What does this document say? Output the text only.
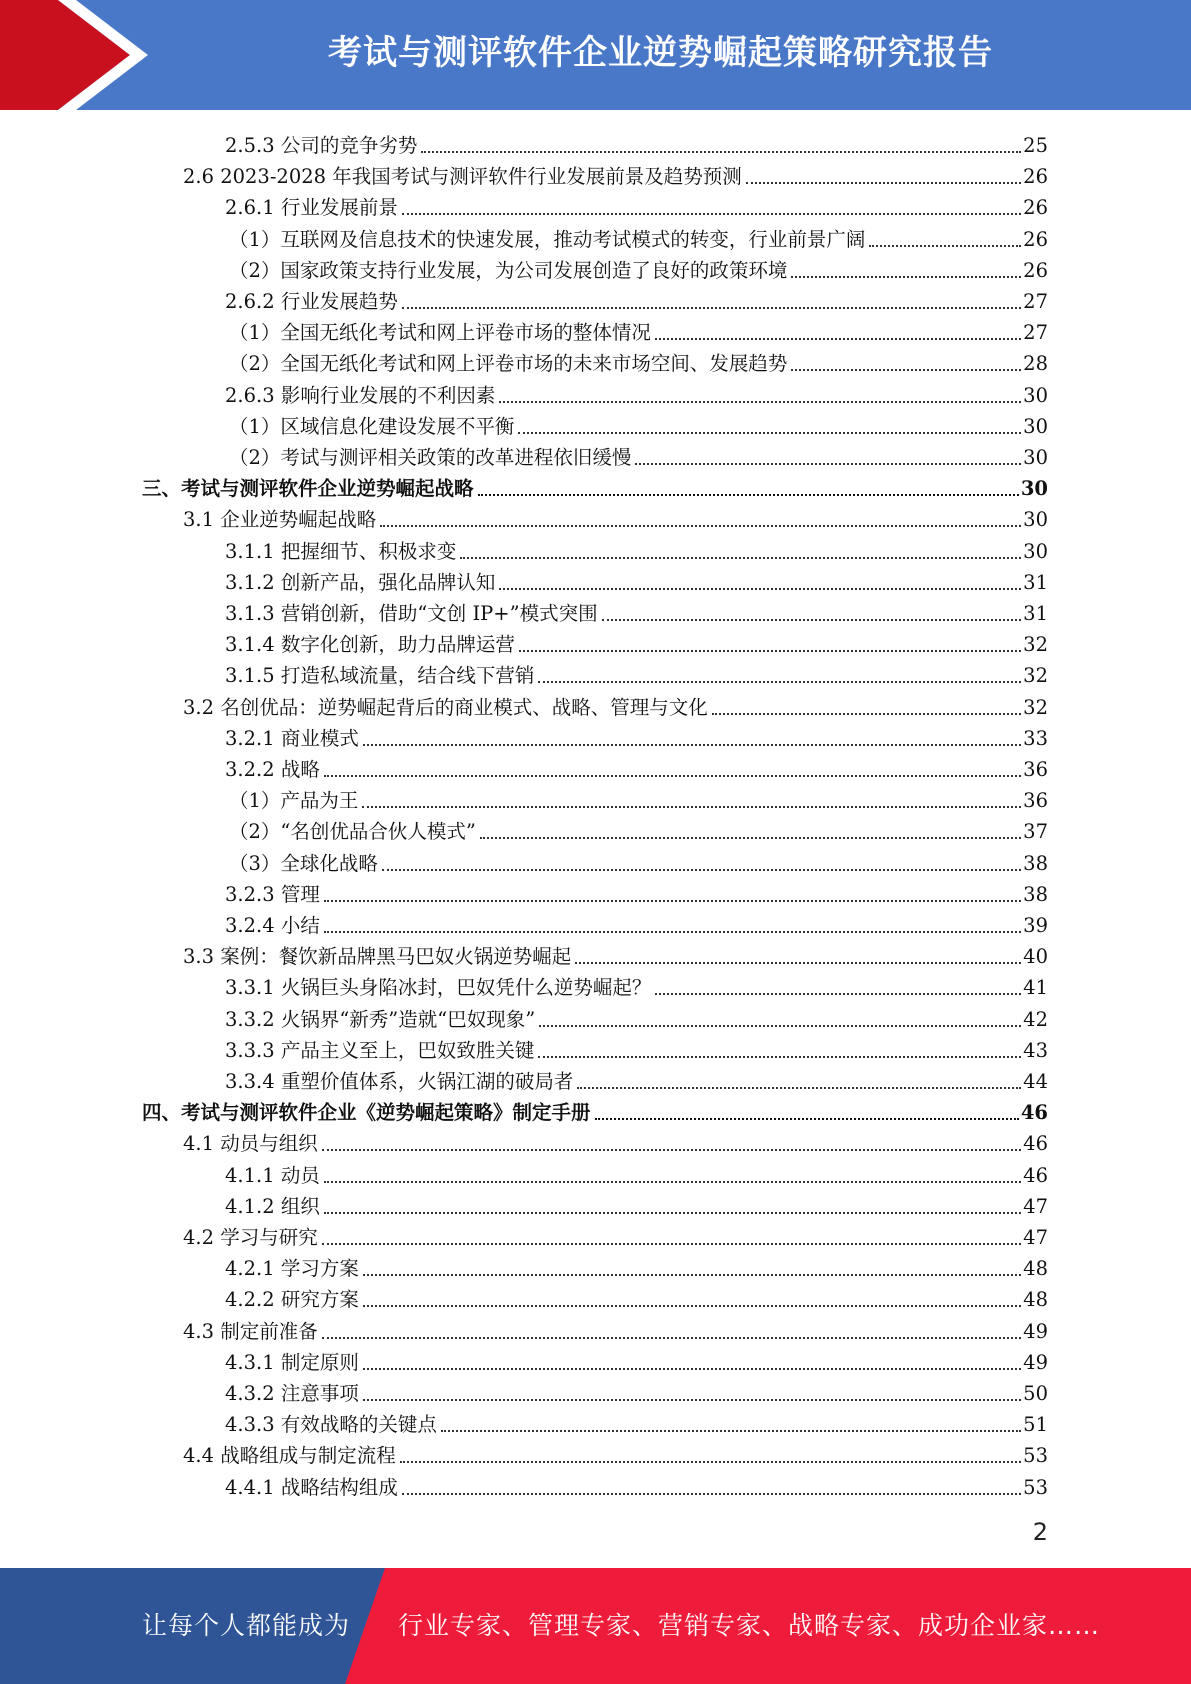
考试与测评软件企业逆势崛起策略研究报告
2.5.3 公司的竞争劣势	25
2.6 2023-2028 年我国考试与测评软件行业发展前景及趋势预测	26
2.6.1 行业发展前景	26
（1）互联网及信息技术的快速发展，推动考试模式的转变，行业前景广阔	26
（2）国家政策支持行业发展，为公司发展创造了良好的政策环境	26
2.6.2 行业发展趋势	27
（1）全国无纸化考试和网上评卷市场的整体情况	27
（2）全国无纸化考试和网上评卷市场的未来市场空间、发展趋势	28
2.6.3 影响行业发展的不利因素	30
（1）区域信息化建设发展不平衡	30
（2）考试与测评相关政策的改革进程依旧缓慢	30
三、考试与测评软件企业逆势崛起战略	30
3.1 企业逆势崛起战略	30
3.1.1 把握细节、积极求变	30
3.1.2 创新产品，强化品牌认知	31
3.1.3 营销创新，借助“文创 IP+”模式突围	31
3.1.4 数字化创新，助力品牌运营	32
3.1.5 打造私域流量，结合线下营销	32
3.2 名创优品：逆势崛起背后的商业模式、战略、管理与文化	32
3.2.1 商业模式	33
3.2.2 战略	36
（1）产品为王	36
（2）“名创优品合伙人模式”	37
（3）全球化战略	38
3.2.3 管理	38
3.2.4 小结	39
3.3 案例：餐饮新品牌黑马巴奴火锅逆势崛起	40
3.3.1 火锅巨头身陷冰封，巴奴凭什么逆势崛起？	41
3.3.2 火锅界“新秀”造就“巴奴现象”	42
3.3.3 产品主义至上，巴奴致胜关键	43
3.3.4 重塑价值体系，火锅江湖的破局者	44
四、考试与测评软件企业《逆势崛起策略》制定手册	46
4.1 动员与组织	46
4.1.1 动员	46
4.1.2 组织	47
4.2 学习与研究	47
4.2.1 学习方案	48
4.2.2 研究方案	48
4.3 制定前准备	49
4.3.1 制定原则	49
4.3.2 注意事项	50
4.3.3 有效战略的关键点	51
4.4 战略组成与制定流程	53
4.4.1 战略结构组成	53
2
让每个人都能成为 行业专家、管理专家、营销专家、战略专家、成功企业家……
